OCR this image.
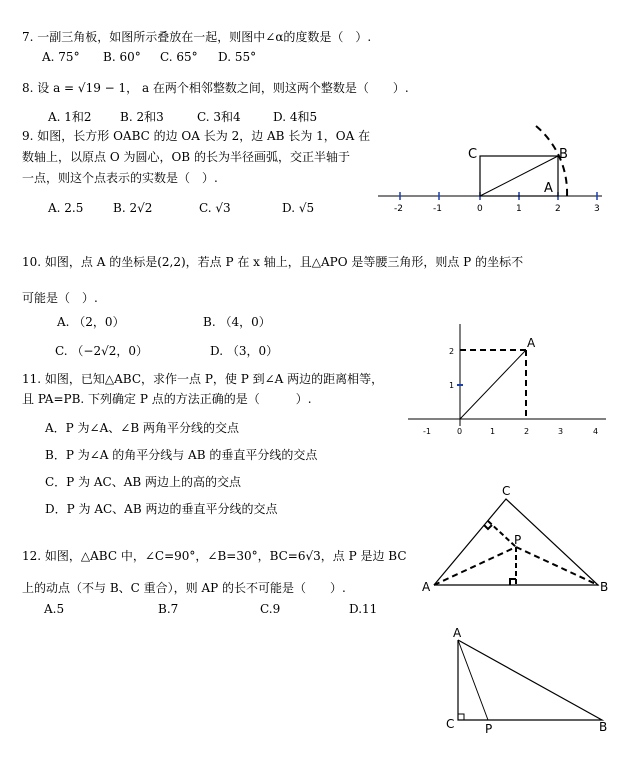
7. 一副三角板，如图所示叠放在一起，则图中∠α的度数是（　）.
A. 75° B. 60° C. 65° D. 55°
8. 设 a = √19 − 1， a 在两个相邻整数之间，则这两个整数是（　　）.
A. 1和2 B. 2和3	C. 3和4	D. 4和5
9. 如图，长方形 OABC 的边 OA 长为 2，边 AB 长为 1，OA 在
数轴上，以原点 O 为圆心，OB 的长为半径画弧，交正半轴于
一点，则这个点表示的实数是（　）.
A. 2.5 B. 2√2	C. √3	D. √5	-2	-1	0	1	2	3
C	B
A
10. 如图，点 A 的坐标是(2,2)，若点 P 在 x 轴上，且△APO 是等腰三角形，则点 P 的坐标不
可能是（　）.
A. （2，0）	B. （4，0）
C. （−2√2，0）	D. （3，0）
-1	0	1	2	3	4
1
2
A
11. 如图，已知△ABC，求作一点 P，使 P 到∠A 两边的距离相等，
且 PA=PB. 下列确定 P 点的方法正确的是（　　　）.
A．P 为∠A、∠B 两角平分线的交点
B．P 为∠A 的角平分线与 AB 的垂直平分线的交点
C．P 为 AC、AB 两边上的高的交点
D．P 为 AC、AB 两边的垂直平分线的交点
A
C
B
P
12. 如图，△ABC 中，∠C=90°，∠B=30°，BC=6√3，点 P 是边 BC
上的动点（不与 B、C 重合），则 AP 的长不可能是（　　）.
A.5	B.7	C.9	D.11
A
C	P	B
